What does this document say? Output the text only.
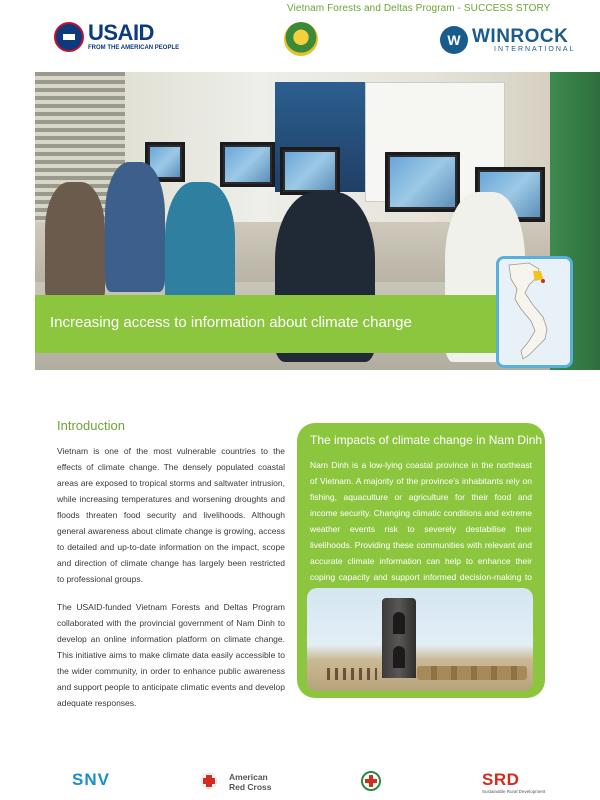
Vietnam Forests and Deltas Program - SUCCESS STORY
USAID
FROM THE AMERICAN PEOPLE	W WINROCK
INTERNATIONAL
Increasing access to information about climate change
Introduction

Vietnam is one of the most vulnerable countries to the effects of climate change. The densely populated coastal areas are exposed to tropical storms and saltwater intrusion, while increasing temperatures and worsening droughts and floods threaten food security and livelihoods. Although general awareness about climate change is growing, access to detailed and up-to-date information on the impact, scope and direction of climate change has largely been restricted to professional groups.

The USAID-funded Vietnam Forests and Deltas Program collaborated with the provincial government of Nam Dinh to develop an online information platform on climate change. This initiative aims to make climate data easily accessible to the wider community, in order to enhance public awareness and support people to anticipate climatic events and develop adequate responses.

The impacts of climate change in Nam Dinh

Nam Dinh is a low-lying coastal province in the northeast of Vietnam. A majority of the province’s inhabitants rely on fishing, aquaculture or agriculture for their food and income security. Changing climatic conditions and extreme weather events risk to severely destabilise their livelihoods. Providing these communities with relevant and accurate climate information can help to enhance their coping capacity and support informed decision-making to

SNV	American
Red Cross	SRD
Sustainable Rural Development
